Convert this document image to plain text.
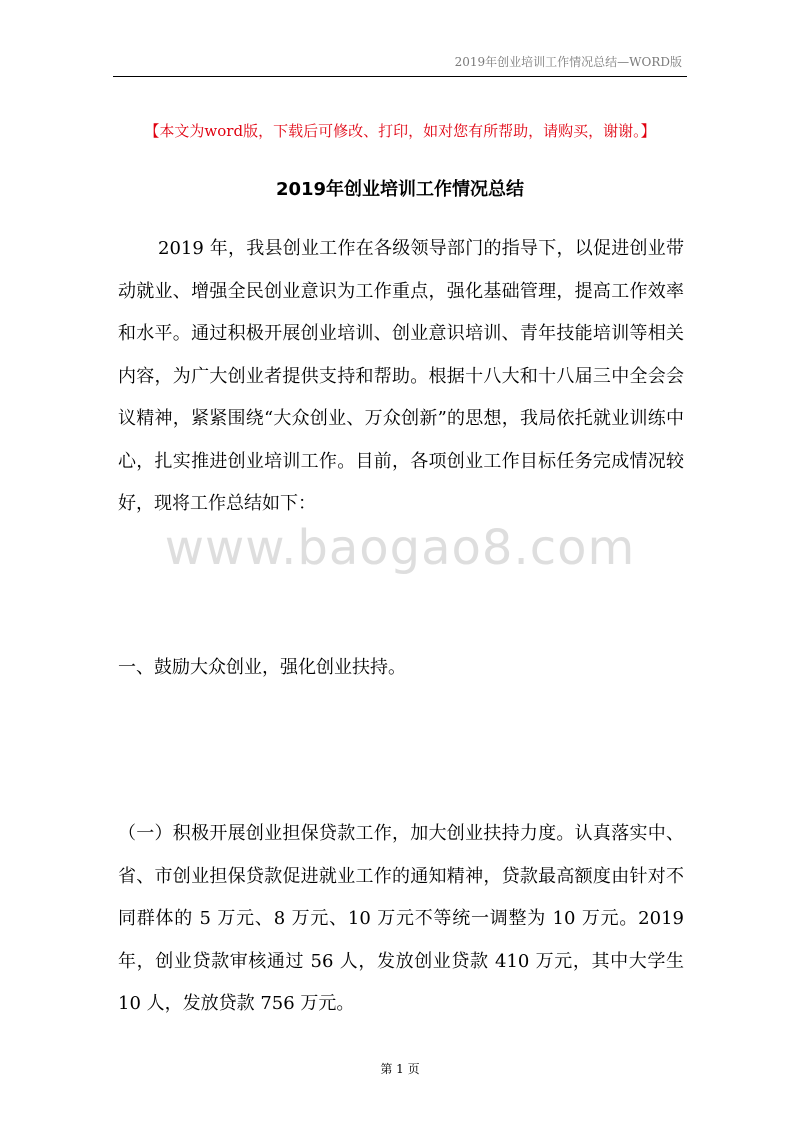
2019年创业培训工作情况总结—WORD版
【本文为word版，下载后可修改、打印，如对您有所帮助，请购买，谢谢。】
2019年创业培训工作情况总结

2019 年，我县创业工作在各级领导部门的指导下，以促进创业带动就业、增强全民创业意识为工作重点，强化基础管理，提高工作效率和水平。通过积极开展创业培训、创业意识培训、青年技能培训等相关内容，为广大创业者提供支持和帮助。根据十八大和十八届三中全会会议精神，紧紧围绕“大众创业、万众创新”的思想，我局依托就业训练中心，扎实推进创业培训工作。目前，各项创业工作目标任务完成情况较好，现将工作总结如下：

www.baogao8.com
一、鼓励大众创业，强化创业扶持。

（一）积极开展创业担保贷款工作，加大创业扶持力度。认真落实中、省、市创业担保贷款促进就业工作的通知精神，贷款最高额度由针对不同群体的 5 万元、8 万元、10 万元不等统一调整为 10 万元。2019 年，创业贷款审核通过 56 人，发放创业贷款 410 万元，其中大学生 10 人，发放贷款 756 万元。

第 1 页
